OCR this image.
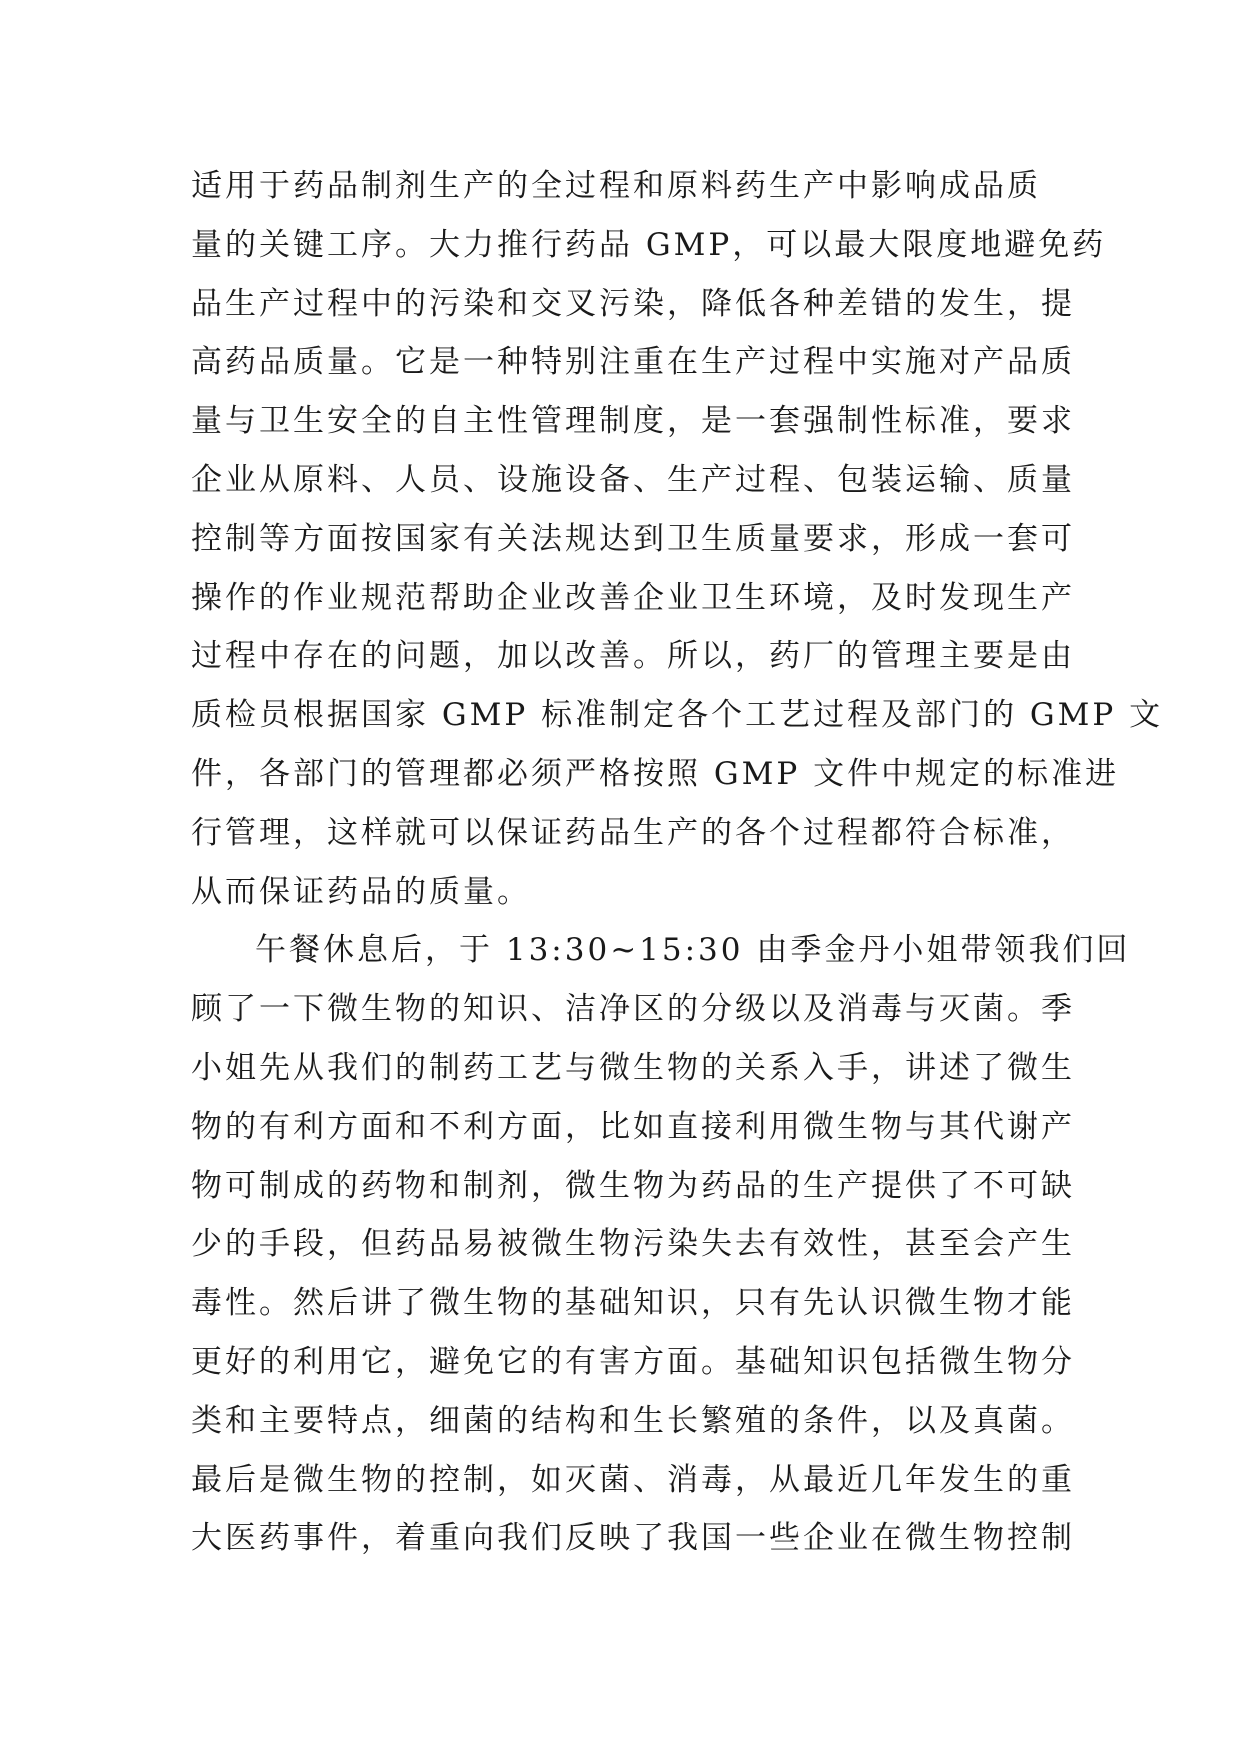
适用于药品制剂生产的全过程和原料药生产中影响成品质
量的关键工序。大力推行药品 GMP，可以最大限度地避免药
品生产过程中的污染和交叉污染，降低各种差错的发生，提
高药品质量。它是一种特别注重在生产过程中实施对产品质
量与卫生安全的自主性管理制度，是一套强制性标准，要求
企业从原料、人员、设施设备、生产过程、包装运输、质量
控制等方面按国家有关法规达到卫生质量要求，形成一套可
操作的作业规范帮助企业改善企业卫生环境，及时发现生产
过程中存在的问题，加以改善。所以，药厂的管理主要是由
质检员根据国家 GMP 标准制定各个工艺过程及部门的 GMP 文
件，各部门的管理都必须严格按照 GMP 文件中规定的标准进
行管理，这样就可以保证药品生产的各个过程都符合标准，
从而保证药品的质量。
午餐休息后，于 13:30~15:30 由季金丹小姐带领我们回
顾了一下微生物的知识、洁净区的分级以及消毒与灭菌。季
小姐先从我们的制药工艺与微生物的关系入手，讲述了微生
物的有利方面和不利方面，比如直接利用微生物与其代谢产
物可制成的药物和制剂，微生物为药品的生产提供了不可缺
少的手段，但药品易被微生物污染失去有效性，甚至会产生
毒性。然后讲了微生物的基础知识，只有先认识微生物才能
更好的利用它，避免它的有害方面。基础知识包括微生物分
类和主要特点，细菌的结构和生长繁殖的条件，以及真菌。
最后是微生物的控制，如灭菌、消毒，从最近几年发生的重
大医药事件，着重向我们反映了我国一些企业在微生物控制
